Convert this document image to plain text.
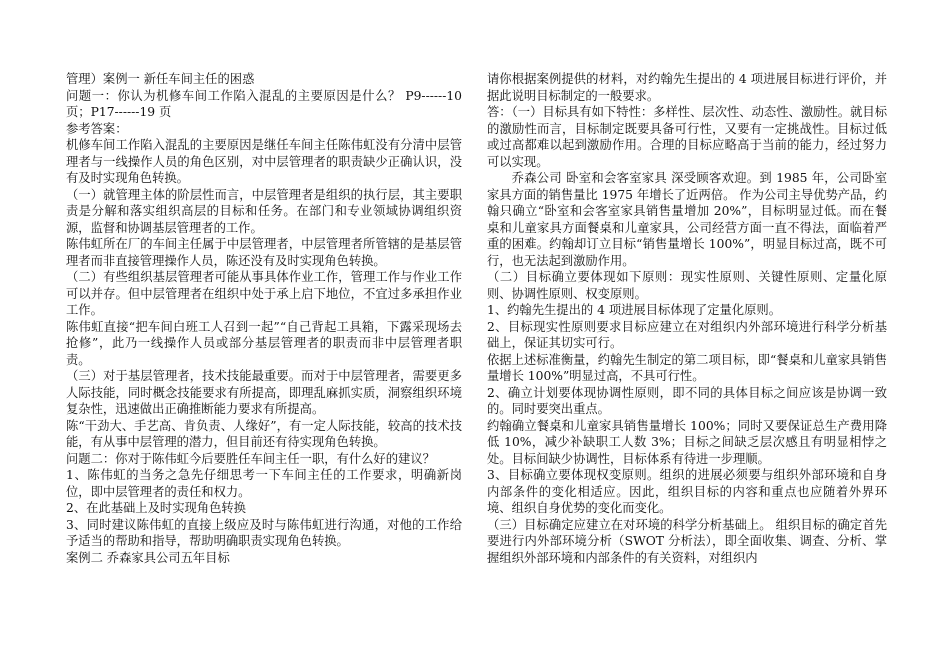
管理）案例一 新任车间主任的困惑

问题一：你认为机修车间工作陷入混乱的主要原因是什么？ P9------10 页；P17------19 页

参考答案：

机修车间工作陷入混乱的主要原因是继任车间主任陈伟虹没有分清中层管理者与一线操作人员的角色区别，对中层管理者的职责缺少正确认识，没有及时实现角色转换。

（一）就管理主体的阶层性而言，中层管理者是组织的执行层，其主要职责是分解和落实组织高层的目标和任务。在部门和专业领域协调组织资源，监督和协调基层管理者的工作。

陈伟虹所在厂的车间主任属于中层管理者，中层管理者所管辖的是基层管理者而非直接管理操作人员，陈还没有及时实现角色转换。

（二）有些组织基层管理者可能从事具体作业工作，管理工作与作业工作可以并存。但中层管理者在组织中处于承上启下地位，不宜过多承担作业工作。

陈伟虹直接“把车间白班工人召到一起”“自己背起工具箱，下露采现场去抢修”，此乃一线操作人员或部分基层管理者的职责而非中层管理者职责。

（三）对于基层管理者，技术技能最重要。而对于中层管理者，需要更多人际技能，同时概念技能要求有所提高，即理乱麻抓实质，洞察组织环境复杂性，迅速做出正确推断能力要求有所提高。

陈“干劲大、手艺高、肯负责、人缘好”，有一定人际技能，较高的技术技能，有从事中层管理的潜力，但目前还有待实现角色转换。

问题二：你对于陈伟虹今后要胜任车间主任一职，有什么好的建议？

1、陈伟虹的当务之急先仔细思考一下车间主任的工作要求，明确新岗位，即中层管理者的责任和权力。

2、在此基础上及时实现角色转换

3、同时建议陈伟虹的直接上级应及时与陈伟虹进行沟通，对他的工作给予适当的帮助和指导，帮助明确职责实现角色转换。

案例二 乔森家具公司五年目标

请你根据案例提供的材料，对约翰先生提出的 4 项进展目标进行评价，并据此说明目标制定的一般要求。

答：（一）目标具有如下特性：多样性、层次性、动态性、激励性。就目标的激励性而言，目标制定既要具备可行性，又要有一定挑战性。目标过低或过高都难以起到激励作用。合理的目标应略高于当前的能力，经过努力可以实现。

乔森公司 卧室和会客室家具 深受顾客欢迎。到 1985 年，公司卧室家具方面的销售量比 1975 年增长了近两倍。 作为公司主导优势产品，约翰只确立“卧室和会客室家具销售量增加 20%”，目标明显过低。而在餐桌和儿童家具方面餐桌和儿童家具，公司经营方面一直不得法，面临着严重的困难。约翰却订立目标“销售量增长 100%”，明显目标过高，既不可行，也无法起到激励作用。

（二）目标确立要体现如下原则：现实性原则、关键性原则、定量化原则、协调性原则、权变原则。

1、约翰先生提出的 4 项进展目标体现了定量化原则。

2、目标现实性原则要求目标应建立在对组织内外部环境进行科学分析基础上，保证其切实可行。

依据上述标准衡量，约翰先生制定的第二项目标，即“餐桌和儿童家具销售量增长 100%”明显过高，不具可行性。

2、确立计划要体现协调性原则，即不同的具体目标之间应该是协调一致的。同时要突出重点。

约翰确立餐桌和儿童家具销售量增长 100%；同时又要保证总生产费用降低 10%，减少补缺职工人数 3%；目标之间缺乏层次感且有明显相悖之处。目标间缺少协调性，目标体系有待进一步理顺。

3、目标确立要体现权变原则。组织的进展必须要与组织外部环境和自身内部条件的变化相适应。因此，组织目标的内容和重点也应随着外界环境、组织自身优势的变化而变化。

（三）目标确定应建立在对环境的科学分析基础上。 组织目标的确定首先要进行内外部环境分析（SWOT 分析法），即全面收集、调查、分析、掌握组织外部环境和内部条件的有关资料，对组织内
